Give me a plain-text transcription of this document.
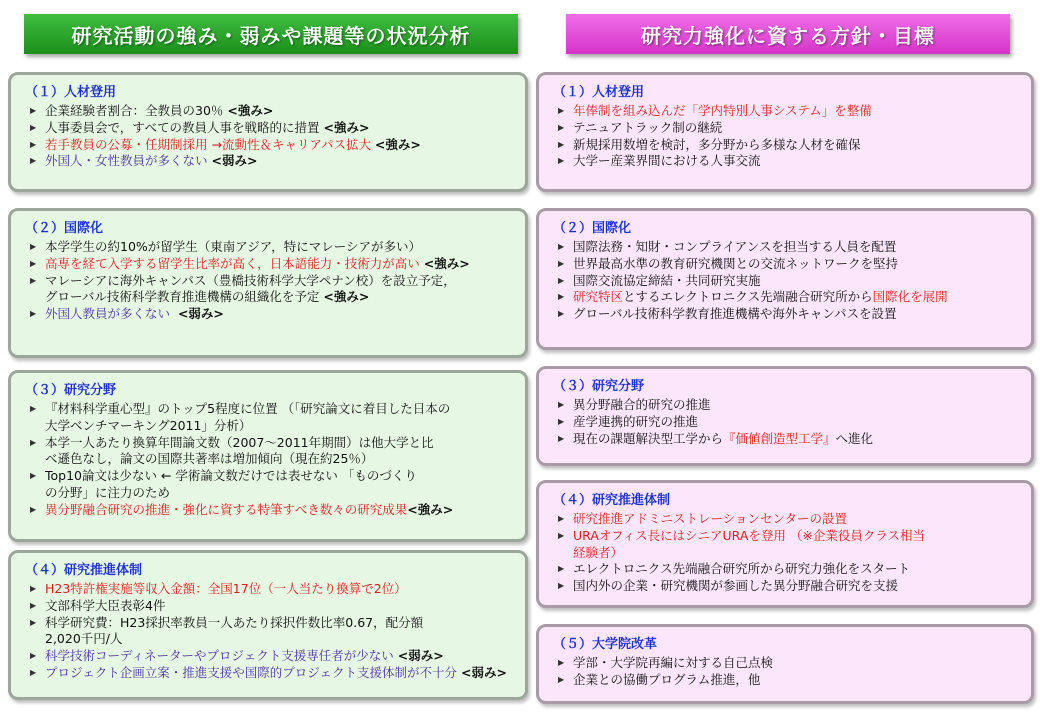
研究活動の強み・弱みや課題等の状況分析	研究力強化に資する方針・目標
（１）人材登用
▶ 企業経験者割合：全教員の30％ <強み>
▶ 人事委員会で，すべての教員人事を戦略的に措置 <強み>
▶ 若手教員の公募・任期制採用 →流動性＆キャリアパス拡大 <強み>
▶ 外国人・女性教員が多くない <弱み>
（２）国際化
▶ 本学学生の約10%が留学生（東南アジア，特にマレーシアが多い）
▶ 高専を経て入学する留学生比率が高く，日本語能力・技術力が高い <強み>
▶ マレーシアに海外キャンパス（豊橋技術科学大学ペナン校）を設立予定，
グローバル技術科学教育推進機構の組織化を予定 <強み>
▶ 外国人教員が多くない  <弱み>
（３）研究分野
▶ 『材料科学重心型』のトップ5程度に位置 （「研究論文に着目した日本の
大学ベンチマーキング2011」分析）
▶ 本学一人あたり換算年間論文数（2007～2011年期間）は他大学と比
べ遜色なし，論文の国際共著率は増加傾向（現在約25％）
▶ Top10論文は少ない ← 学術論文数だけでは表せない 「ものづくり
の分野」に注力のため
▶ 異分野融合研究の推進・強化に資する特筆すべき数々の研究成果<強み>
（４）研究推進体制
▶ H23特許権実施等収入金額：全国17位（一人当たり換算で2位）
▶ 文部科学大臣表彰4件
▶ 科学研究費：H23採択率教員一人あたり採択件数比率0.67，配分額
2,020千円/人
▶ 科学技術コーディネーターやプロジェクト支援専任者が少ない <弱み>
▶ プロジェクト企画立案・推進支援や国際的プロジェクト支援体制が不十分 <弱み>
（１）人材登用
▶ 年俸制を組み込んだ「学内特別人事システム」を整備
▶ テニュアトラック制の継続
▶ 新規採用数増を検討，多分野から多様な人材を確保
▶ 大学ー産業界間における人事交流
（２）国際化
▶ 国際法務・知財・コンプライアンスを担当する人員を配置
▶ 世界最高水準の教育研究機関との交流ネットワークを堅持
▶ 国際交流協定締結・共同研究実施
▶ 研究特区とするエレクトロニクス先端融合研究所から国際化を展開
▶ グローバル技術科学教育推進機構や海外キャンパスを設置
（３）研究分野
▶ 異分野融合的研究の推進
▶ 産学連携的研究の推進
▶ 現在の課題解決型工学から『価値創造型工学』へ進化
（４）研究推進体制
▶ 研究推進アドミニストレーションセンターの設置
▶ URAオフィス長にはシニアURAを登用 （※企業役員クラス相当
経験者）
▶ エレクトロニクス先端融合研究所から研究力強化をスタート
▶ 国内外の企業・研究機関が参画した異分野融合研究を支援
（５）大学院改革
▶ 学部・大学院再編に対する自己点検
▶ 企業との協働プログラム推進，他
